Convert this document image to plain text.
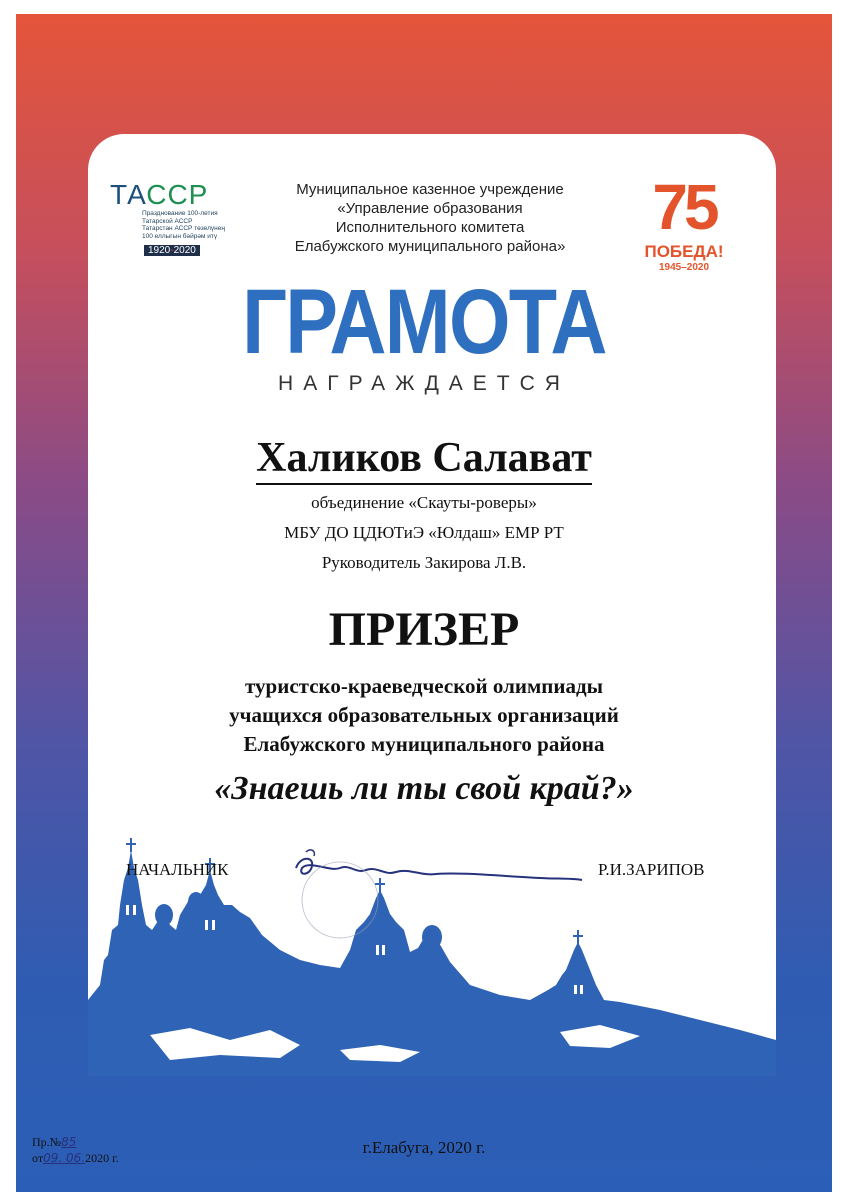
ТАССР
Празднование 100-летия
Татарской АССР
Татарстан АССР төзелүнең
100 еллыгын бәйрәм итү
1920-2020
Муниципальное казенное учреждение
«Управление образования
Исполнительного комитета
Елабужского муниципального района»
75
ПОБЕДА!
1945–2020
ГРАМОТА
НАГРАЖДАЕТСЯ
Халиков Салават
объединение «Скауты-роверы»
МБУ ДО ЦДЮТиЭ «Юлдаш» ЕМР РТ
Руководитель Закирова Л.В.
ПРИЗЕР
туристско-краеведческой олимпиады
учащихся образовательных организаций
Елабужского муниципального района
«Знаешь ли ты свой край?»
НАЧАЛЬНИК	Р.И.ЗАРИПОВ
Пр.№85
от09. 06.2020 г.
г.Елабуга, 2020 г.
